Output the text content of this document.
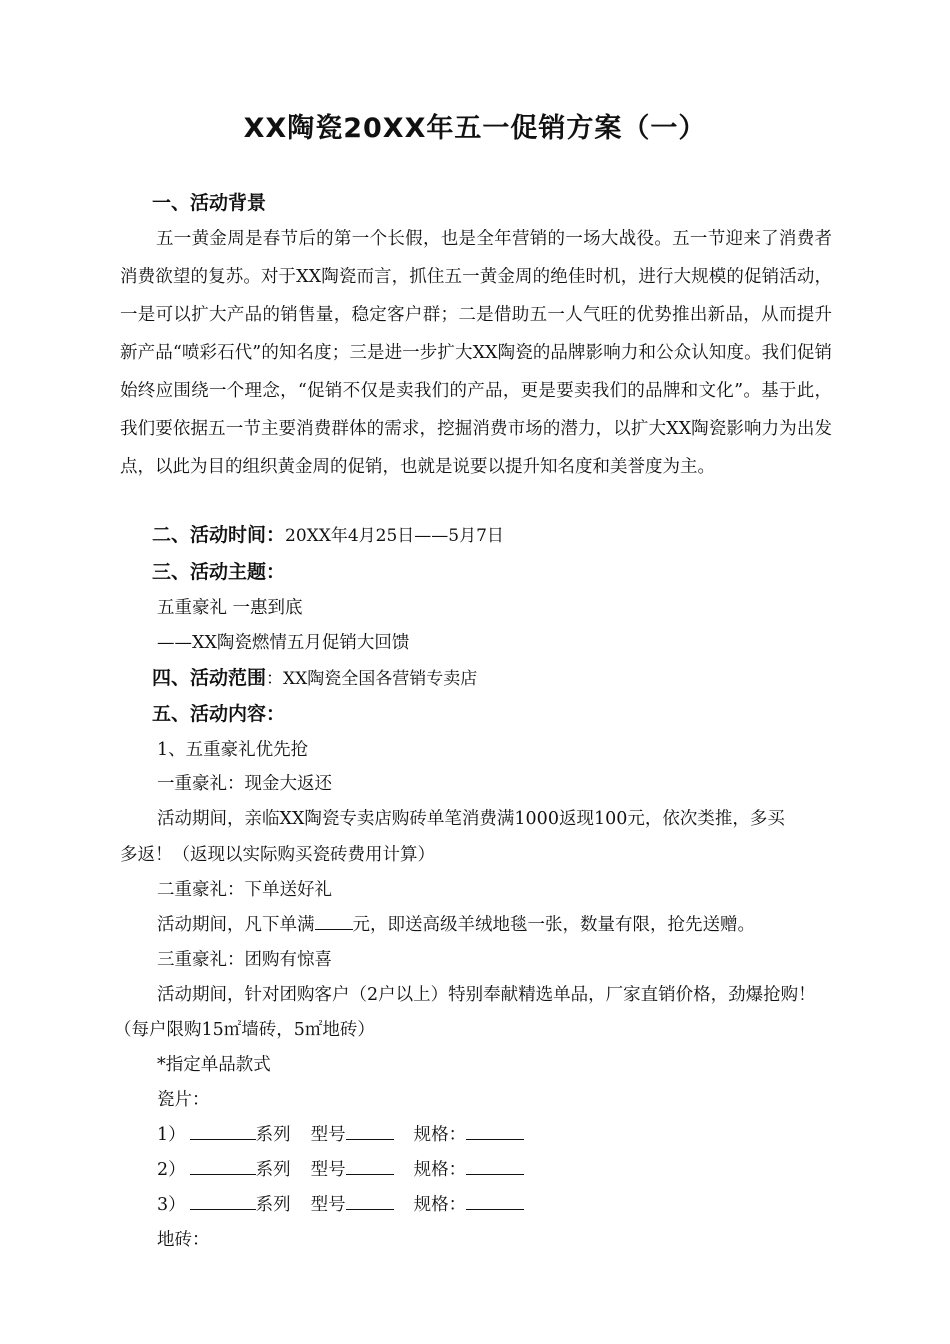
XX陶瓷20XX年五一促销方案（一）
一、活动背景
五一黄金周是春节后的第一个长假，也是全年营销的一场大战役。五一节迎来了消费者消费欲望的复苏。对于XX陶瓷而言，抓住五一黄金周的绝佳时机，进行大规模的促销活动，一是可以扩大产品的销售量，稳定客户群；二是借助五一人气旺的优势推出新品，从而提升新产品“喷彩石代”的知名度；三是进一步扩大XX陶瓷的品牌影响力和公众认知度。我们促销始终应围绕一个理念，“促销不仅是卖我们的产品，更是要卖我们的品牌和文化”。基于此，我们要依据五一节主要消费群体的需求，挖掘消费市场的潜力，以扩大XX陶瓷影响力为出发点，以此为目的组织黄金周的促销，也就是说要以提升知名度和美誉度为主。
二、活动时间：20XX年4月25日——5月7日
三、活动主题：
五重豪礼 一惠到底
——XX陶瓷燃情五月促销大回馈
四、活动范围：XX陶瓷全国各营销专卖店
五、活动内容：
1、五重豪礼优先抢
一重豪礼：现金大返还
活动期间，亲临XX陶瓷专卖店购砖单笔消费满1000返现100元，依次类推，多买
多返！（返现以实际购买瓷砖费用计算）
二重豪礼：下单送好礼
活动期间，凡下单满 元，即送高级羊绒地毯一张，数量有限，抢先送赠。
三重豪礼：团购有惊喜
活动期间，针对团购客户（2户以上）特别奉献精选单品，厂家直销价格，劲爆抢购！
（每户限购15㎡墙砖，5㎡地砖）
*指定单品款式
瓷片：
1）	系列 型号	规格：
2）	系列 型号	规格：
3）	系列 型号	规格：
地砖：
